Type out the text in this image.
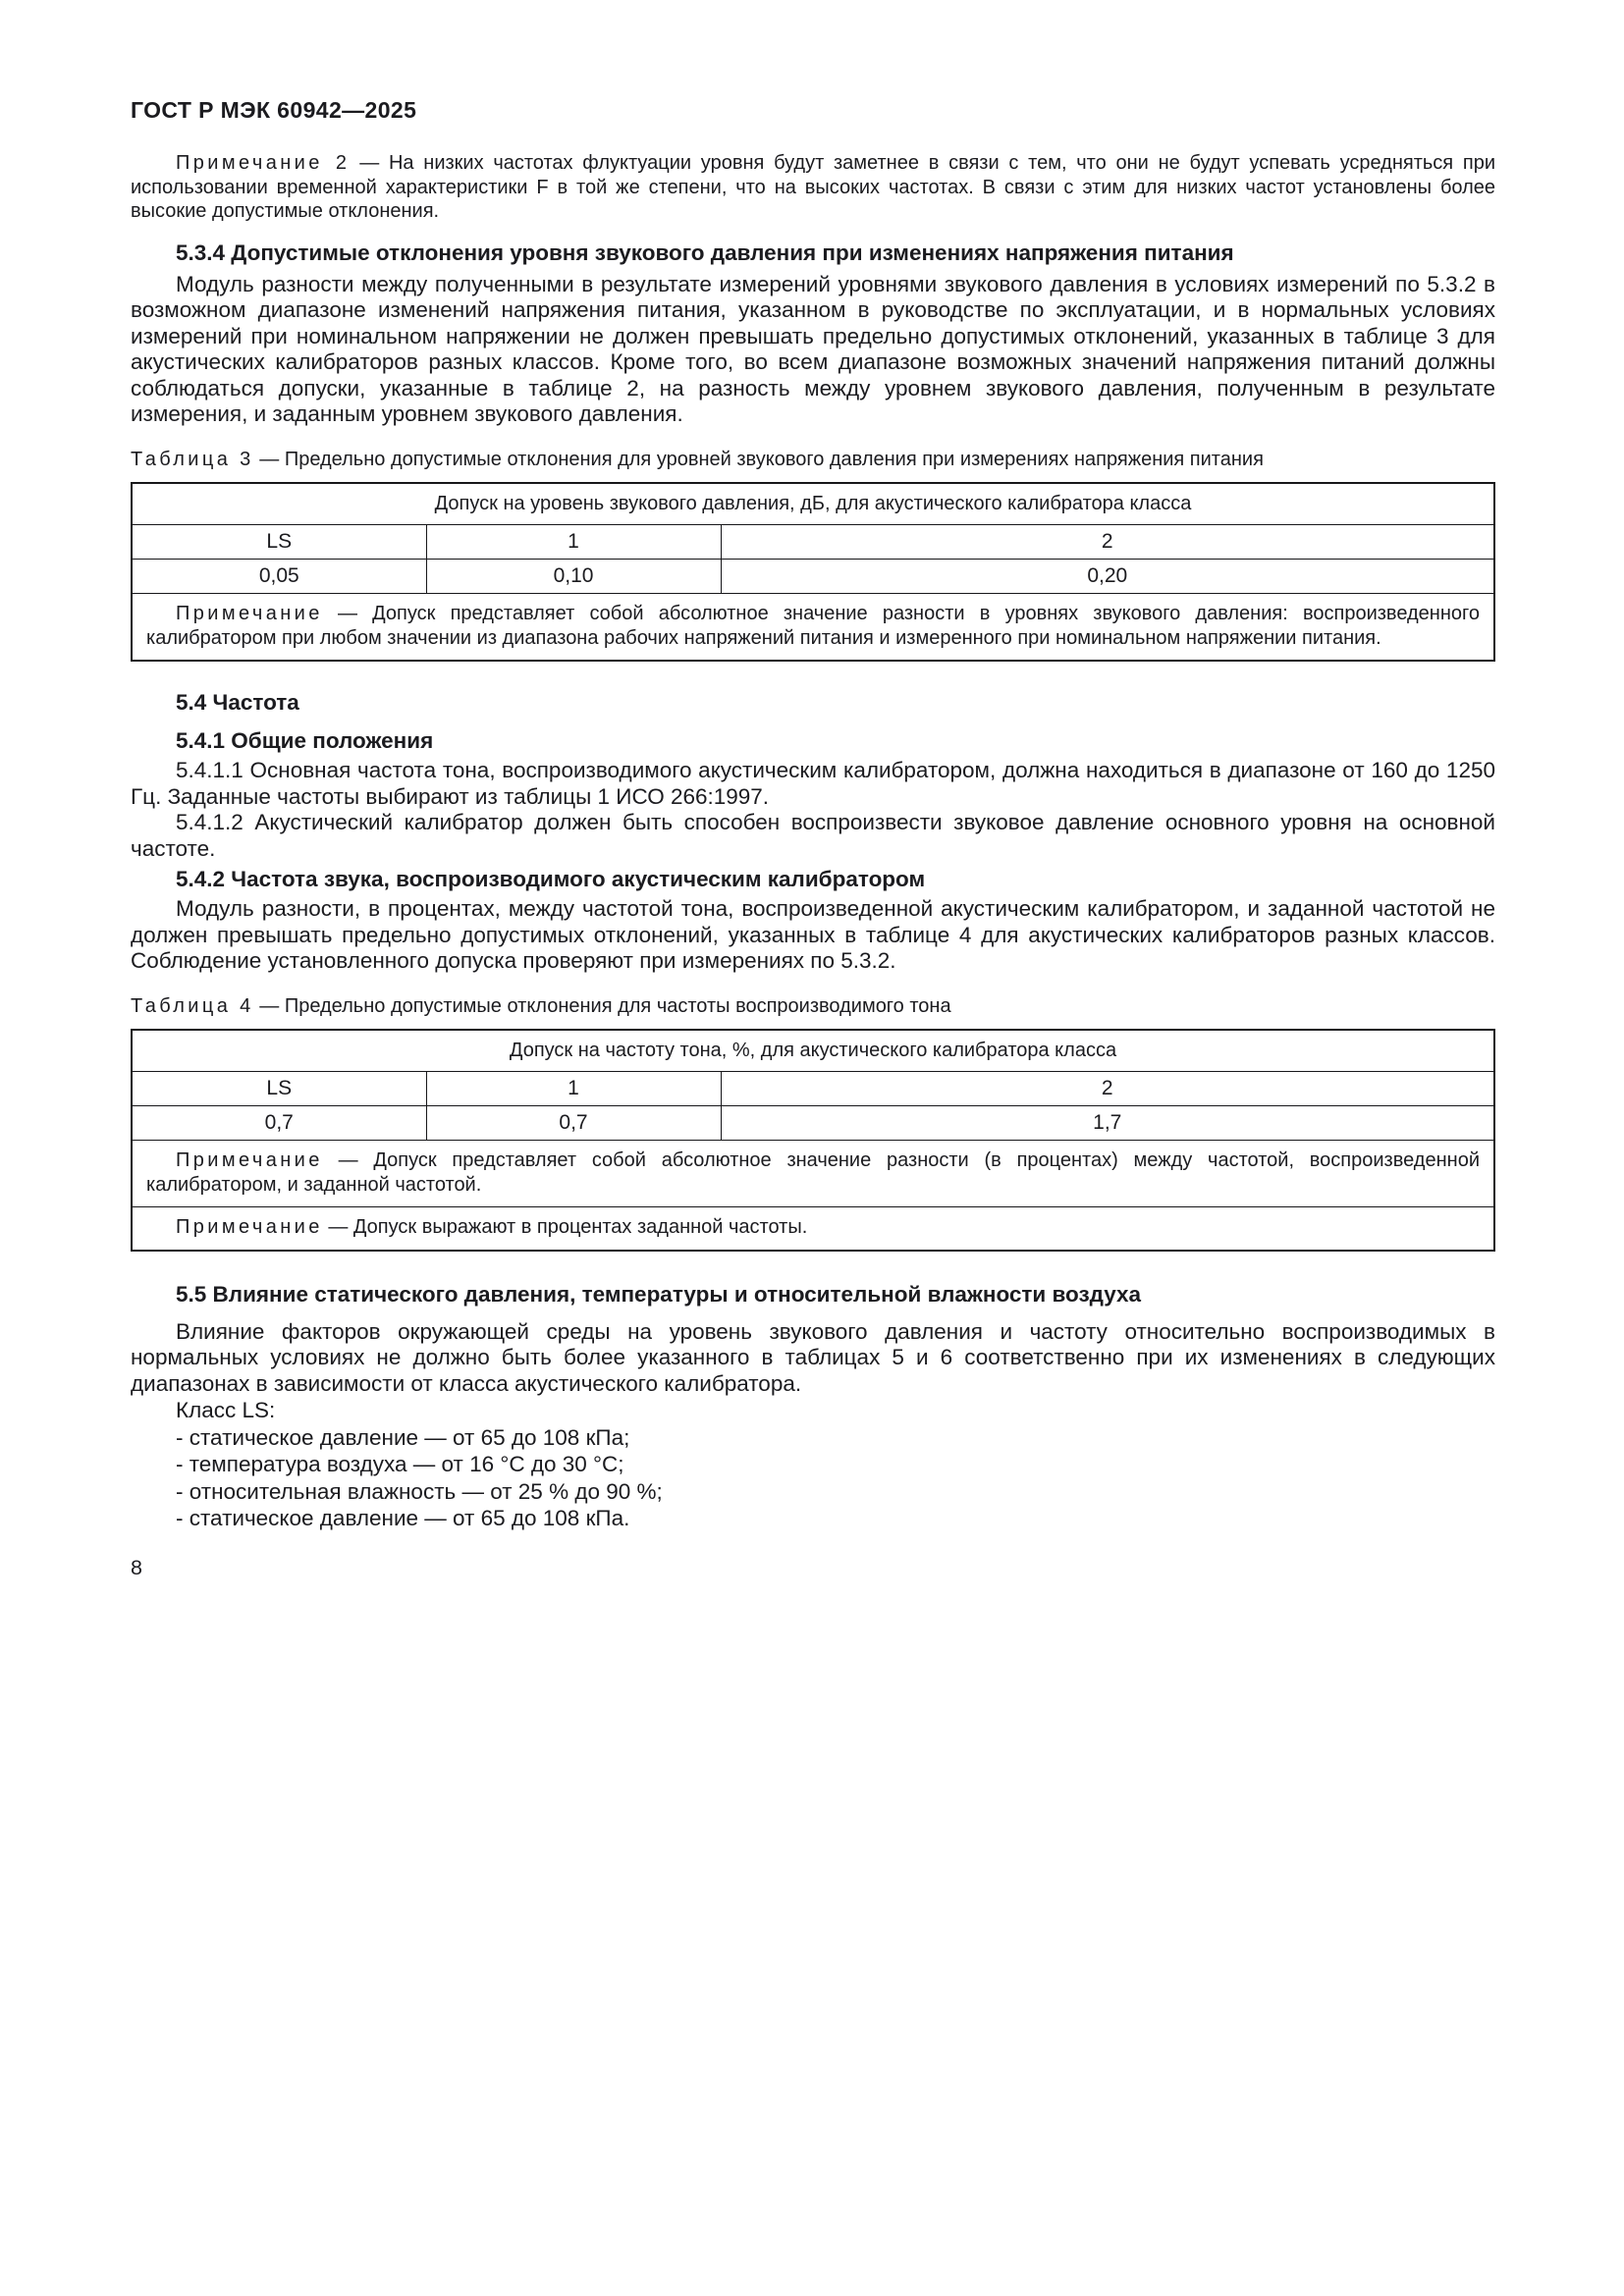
ГОСТ Р МЭК 60942—2025

Примечание 2 — На низких частотах флуктуации уровня будут заметнее в связи с тем, что они не будут успевать усредняться при использовании временной характеристики F в той же степени, что на высоких частотах. В связи с этим для низких частот установлены более высокие допустимые отклонения.

5.3.4 Допустимые отклонения уровня звукового давления при изменениях напряжения питания

Модуль разности между полученными в результате измерений уровнями звукового давления в условиях измерений по 5.3.2 в возможном диапазоне изменений напряжения питания, указанном в руководстве по эксплуатации, и в нормальных условиях измерений при номинальном напряжении не должен превышать предельно допустимых отклонений, указанных в таблице 3 для акустических калибраторов разных классов. Кроме того, во всем диапазоне возможных значений напряжения питаний должны соблюдаться допуски, указанные в таблице 2, на разность между уровнем звукового давления, полученным в результате измерения, и заданным уровнем звукового давления.

Таблица 3 — Предельно допустимые отклонения для уровней звукового давления при измерениях напряжения питания

Допуск на уровень звукового давления, дБ, для акустического калибратора класса		
LS	1	2
0,05	0,10	0,20

Примечание — Допуск представляет собой абсолютное значение разности в уровнях звукового давления: воспроизведенного калибратором при любом значении из диапазона рабочих напряжений питания и измеренного при номинальном напряжении питания.		
5.4 Частота
5.4.1 Общие положения

5.4.1.1 Основная частота тона, воспроизводимого акустическим калибратором, должна находиться в диапазоне от 160 до 1250 Гц. Заданные частоты выбирают из таблицы 1 ИСО 266:1997.

5.4.1.2 Акустический калибратор должен быть способен воспроизвести звуковое давление основного уровня на основной частоте.

5.4.2 Частота звука, воспроизводимого акустическим калибратором

Модуль разности, в процентах, между частотой тона, воспроизведенной акустическим калибратором, и заданной частотой не должен превышать предельно допустимых отклонений, указанных в таблице 4 для акустических калибраторов разных классов. Соблюдение установленного допуска проверяют при измерениях по 5.3.2.

Таблица 4 — Предельно допустимые отклонения для частоты воспроизводимого тона

Допуск на частоту тона, %, для акустического калибратора класса		
LS	1	2
0,7	0,7	1,7

Примечание — Допуск представляет собой абсолютное значение разности (в процентах) между частотой, воспроизведенной калибратором, и заданной частотой.		

Примечание — Допуск выражают в процентах заданной частоты.		
5.5 Влияние статического давления, температуры и относительной влажности воздуха

Влияние факторов окружающей среды на уровень звукового давления и частоту относительно воспроизводимых в нормальных условиях не должно быть более указанного в таблицах 5 и 6 соответственно при их изменениях в следующих диапазонах в зависимости от класса акустического калибратора.

Класс LS:
- статическое давление — от 65 до 108 кПа;
- температура воздуха — от 16 °С до 30 °С;
- относительная влажность — от 25 % до 90 %;
- статическое давление — от 65 до 108 кПа.
8
